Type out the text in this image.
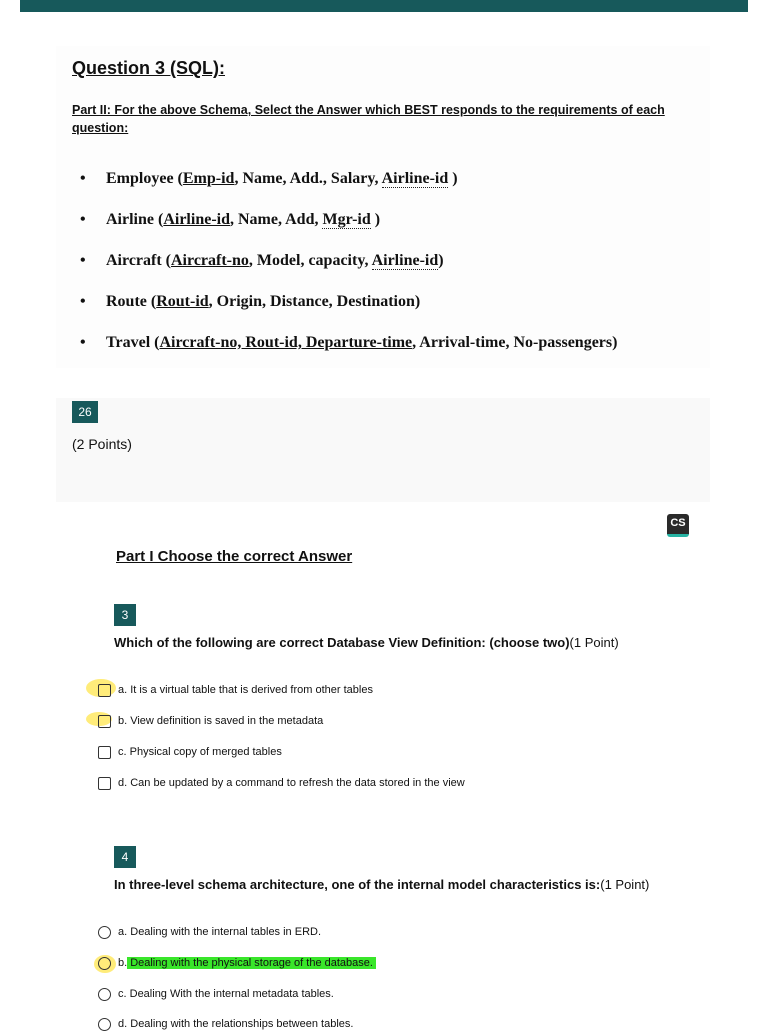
Question 3 (SQL):
Part II: For the above Schema, Select the Answer which BEST responds to the requirements of each question:
• Employee (Emp-id, Name, Add., Salary, Airline-id )
• Airline (Airline-id, Name, Add, Mgr-id )
• Aircraft (Aircraft-no, Model, capacity, Airline-id)
• Route (Rout-id, Origin, Distance, Destination)
• Travel (Aircraft-no, Rout-id, Departure-time, Arrival-time, No-passengers)
26
(2 Points)
CS
Part I Choose the correct Answer
3
Which of the following are correct Database View Definition: (choose two)(1 Point)
a. It is a virtual table that is derived from other tables
b. View definition is saved in the metadata
c. Physical copy of merged tables
d. Can be updated by a command to refresh the data stored in the view
4
In three-level schema architecture, one of the internal model characteristics is:(1 Point)
a.
Dealing with the internal tables in ERD.
b. Dealing with the physical storage of the database.
c.
Dealing With the internal metadata tables.
d.
Dealing with the relationships between tables.
